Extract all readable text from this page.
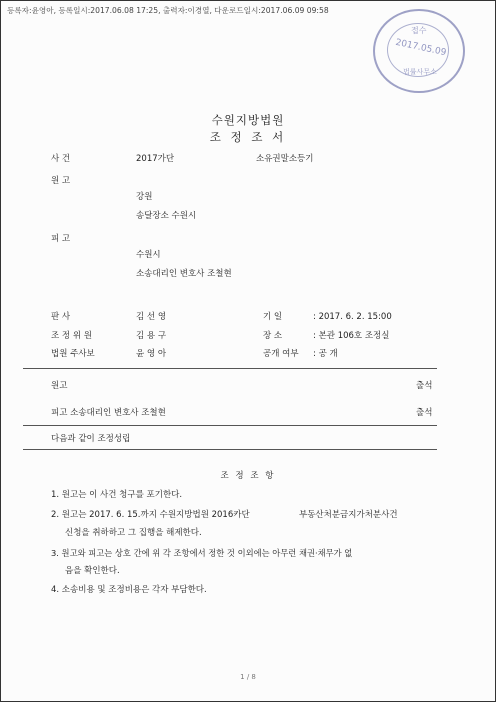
등록자:윤영아, 등록일시:2017.06.08 17:25, 출력자:이경열, 다운로드일시:2017.06.09 09:58
접수
2017.05.09
법률사무소
수원지방법원
조 정 조 서
사 건	2017가단	소유권말소등기
원 고
강원
송달장소 수원시
피 고
수원시
소송대리인 변호사 조철현
판 사	김 선 영	기 일	: 2017. 6. 2. 15:00
조 정 위 원	김 용 구	장 소	: 본관 106호 조정실
법원 주사보	윤 영 아	공개 여부 : 공 개
원고	출석
피고 소송대리인 변호사 조철현	출석
다음과 같이 조정성립
조 정 조 항
1. 원고는 이 사건 청구를 포기한다.
2. 원고는 2017. 6. 15.까지 수원지방법원 2016카단	부동산처분금지가처분사건
신청을 취하하고 그 집행을 해제한다.
3. 원고와 피고는 상호 간에 위 각 조항에서 정한 것 이외에는 아무런 채권·채무가 없
음을 확인한다.
4. 소송비용 및 조정비용은 각자 부담한다.
1 / 8
